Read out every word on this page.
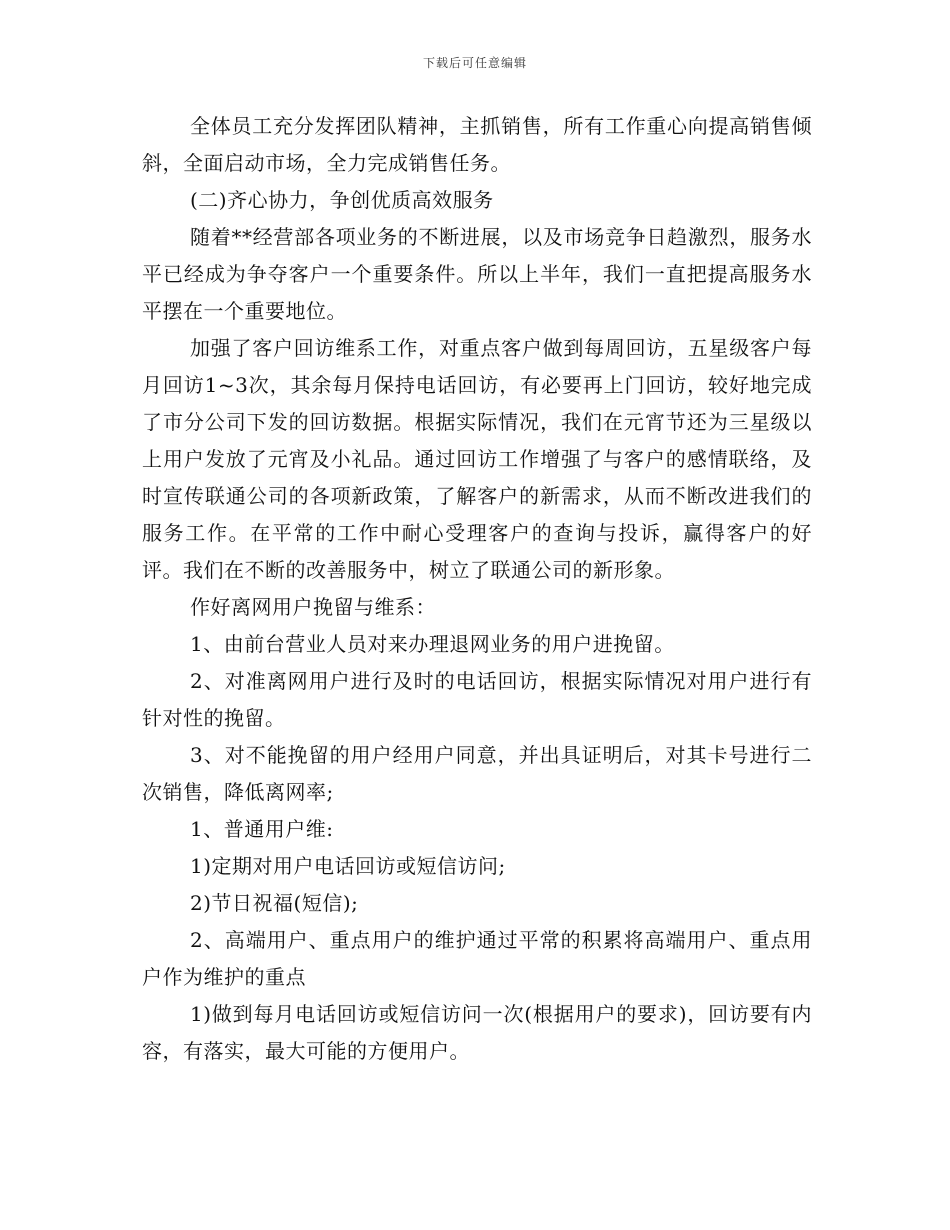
下载后可任意编辑

全体员工充分发挥团队精神，主抓销售，所有工作重心向提高销售倾斜，全面启动市场，全力完成销售任务。

(二)齐心协力，争创优质高效服务

随着**经营部各项业务的不断进展，以及市场竞争日趋激烈，服务水平已经成为争夺客户一个重要条件。所以上半年，我们一直把提高服务水平摆在一个重要地位。

加强了客户回访维系工作，对重点客户做到每周回访，五星级客户每月回访1~3次，其余每月保持电话回访，有必要再上门回访，较好地完成了市分公司下发的回访数据。根据实际情况，我们在元宵节还为三星级以上用户发放了元宵及小礼品。通过回访工作增强了与客户的感情联络，及时宣传联通公司的各项新政策，了解客户的新需求，从而不断改进我们的服务工作。在平常的工作中耐心受理客户的查询与投诉，赢得客户的好评。我们在不断的改善服务中，树立了联通公司的新形象。

作好离网用户挽留与维系：

1、由前台营业人员对来办理退网业务的用户进挽留。

2、对准离网用户进行及时的电话回访，根据实际情况对用户进行有针对性的挽留。

3、对不能挽留的用户经用户同意，并出具证明后，对其卡号进行二次销售，降低离网率;

1、普通用户维:

1)定期对用户电话回访或短信访问;

2)节日祝福(短信);

2、高端用户、重点用户的维护通过平常的积累将高端用户、重点用户作为维护的重点

1)做到每月电话回访或短信访问一次(根据用户的要求)，回访要有内容，有落实，最大可能的方便用户。
